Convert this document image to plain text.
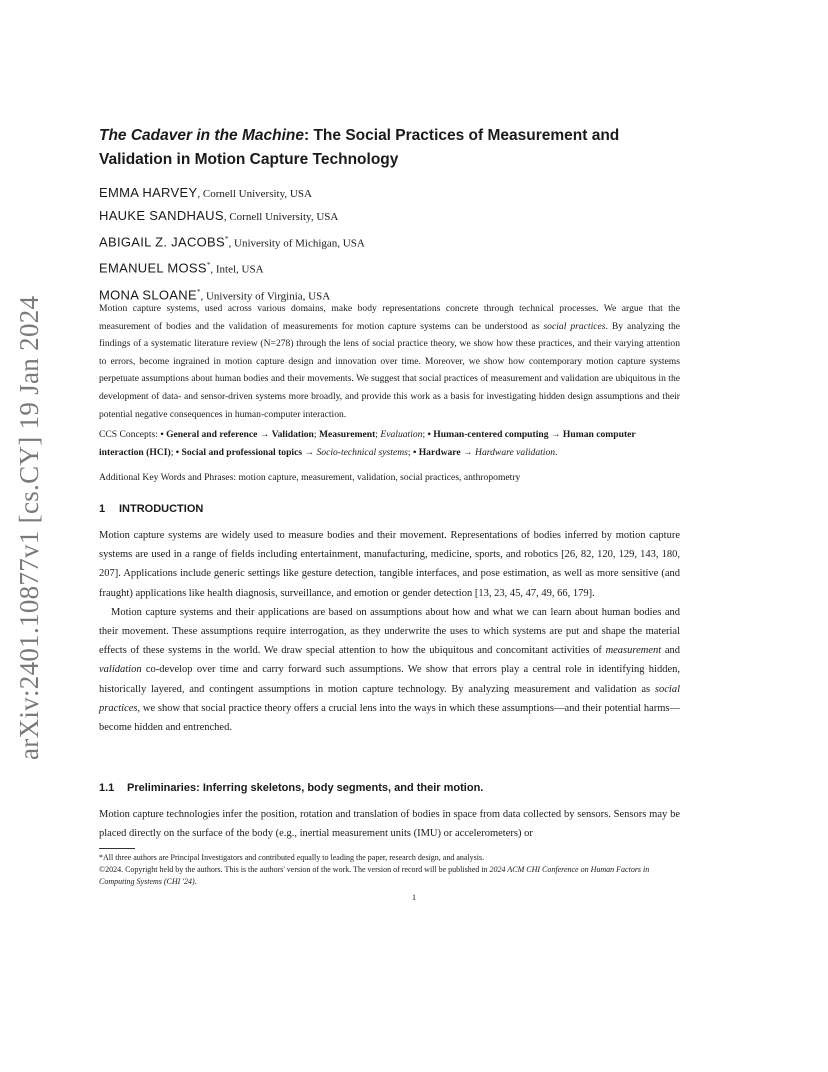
arXiv:2401.10877v1 [cs.CY] 19 Jan 2024
The Cadaver in the Machine: The Social Practices of Measurement and Validation in Motion Capture Technology
EMMA HARVEY, Cornell University, USA
HAUKE SANDHAUS, Cornell University, USA
ABIGAIL Z. JACOBS*, University of Michigan, USA
EMANUEL MOSS*, Intel, USA
MONA SLOANE*, University of Virginia, USA
Motion capture systems, used across various domains, make body representations concrete through technical processes. We argue that the measurement of bodies and the validation of measurements for motion capture systems can be understood as social practices. By analyzing the findings of a systematic literature review (N=278) through the lens of social practice theory, we show how these practices, and their varying attention to errors, become ingrained in motion capture design and innovation over time. Moreover, we show how contemporary motion capture systems perpetuate assumptions about human bodies and their movements. We suggest that social practices of measurement and validation are ubiquitous in the development of data- and sensor-driven systems more broadly, and provide this work as a basis for investigating hidden design assumptions and their potential negative consequences in human-computer interaction.
CCS Concepts: • General and reference → Validation; Measurement; Evaluation; • Human-centered computing → Human computer interaction (HCI); • Social and professional topics → Socio-technical systems; • Hardware → Hardware validation.
Additional Key Words and Phrases: motion capture, measurement, validation, social practices, anthropometry
1 INTRODUCTION

Motion capture systems are widely used to measure bodies and their movement. Representations of bodies inferred by motion capture systems are used in a range of fields including entertainment, manufacturing, medicine, sports, and robotics [26, 82, 120, 129, 143, 180, 207]. Applications include generic settings like gesture detection, tangible interfaces, and pose estimation, as well as more sensitive (and fraught) applications like health diagnosis, surveillance, and emotion or gender detection [13, 23, 45, 47, 49, 66, 179].

Motion capture systems and their applications are based on assumptions about how and what we can learn about human bodies and their movement. These assumptions require interrogation, as they underwrite the uses to which systems are put and shape the material effects of these systems in the world. We draw special attention to how the ubiquitous and concomitant activities of measurement and validation co-develop over time and carry forward such assumptions. We show that errors play a central role in identifying hidden, historically layered, and contingent assumptions in motion capture technology. By analyzing measurement and validation as social practices, we show that social practice theory offers a crucial lens into the ways in which these assumptions—and their potential harms—become hidden and entrenched.

1.1 Preliminaries: Inferring skeletons, body segments, and their motion.
Motion capture technologies infer the position, rotation and translation of bodies in space from data collected by sensors. Sensors may be placed directly on the surface of the body (e.g., inertial measurement units (IMU) or accelerometers) or

*All three authors are Principal Investigators and contributed equally to leading the paper, research design, and analysis.

©2024. Copyright held by the authors. This is the authors' version of the work. The version of record will be published in 2024 ACM CHI Conference on Human Factors in Computing Systems (CHI '24).

1
